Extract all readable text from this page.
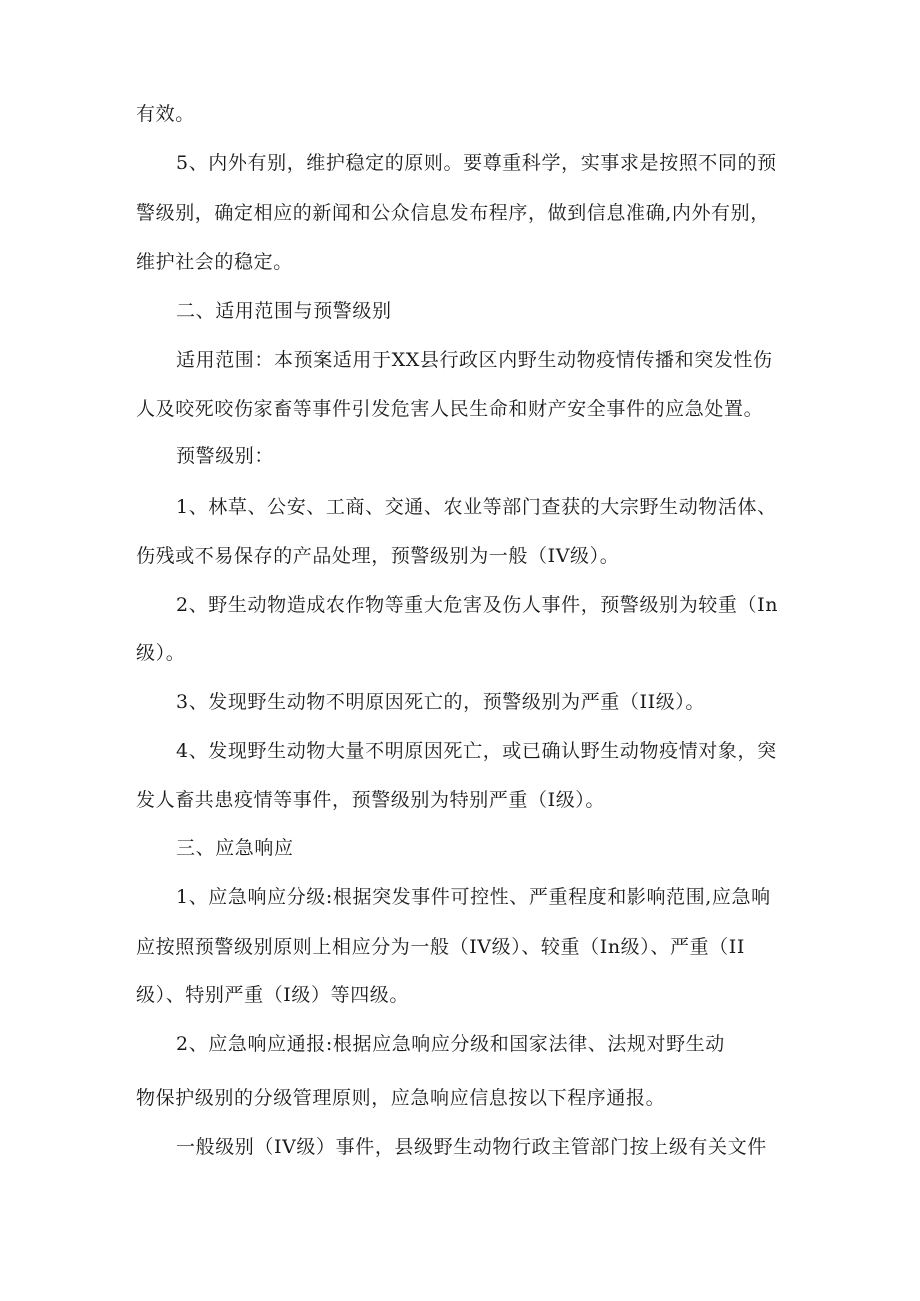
有效。
5、内外有别，维护稳定的原则。要尊重科学，实事求是按照不同的预
警级别，确定相应的新闻和公众信息发布程序，做到信息准确,内外有别，
维护社会的稳定。
二、适用范围与预警级别
适用范围：本预案适用于XX县行政区内野生动物疫情传播和突发性伤
人及咬死咬伤家畜等事件引发危害人民生命和财产安全事件的应急处置。
预警级别：
1、林草、公安、工商、交通、农业等部门查获的大宗野生动物活体、
伤残或不易保存的产品处理，预警级别为一般（IV级）。
2、野生动物造成农作物等重大危害及伤人事件，预警级别为较重（In
级）。
3、发现野生动物不明原因死亡的，预警级别为严重（II级）。
4、发现野生动物大量不明原因死亡，或已确认野生动物疫情对象，突
发人畜共患疫情等事件，预警级别为特别严重（I级）。
三、应急响应
1、应急响应分级:根据突发事件可控性、严重程度和影响范围,应急响
应按照预警级别原则上相应分为一般（IV级）、较重（In级）、严重（II
级）、特别严重（I级）等四级。
2、应急响应通报:根据应急响应分级和国家法律、法规对野生动
物保护级别的分级管理原则，应急响应信息按以下程序通报。
一般级别（IV级）事件，县级野生动物行政主管部门按上级有关文件
